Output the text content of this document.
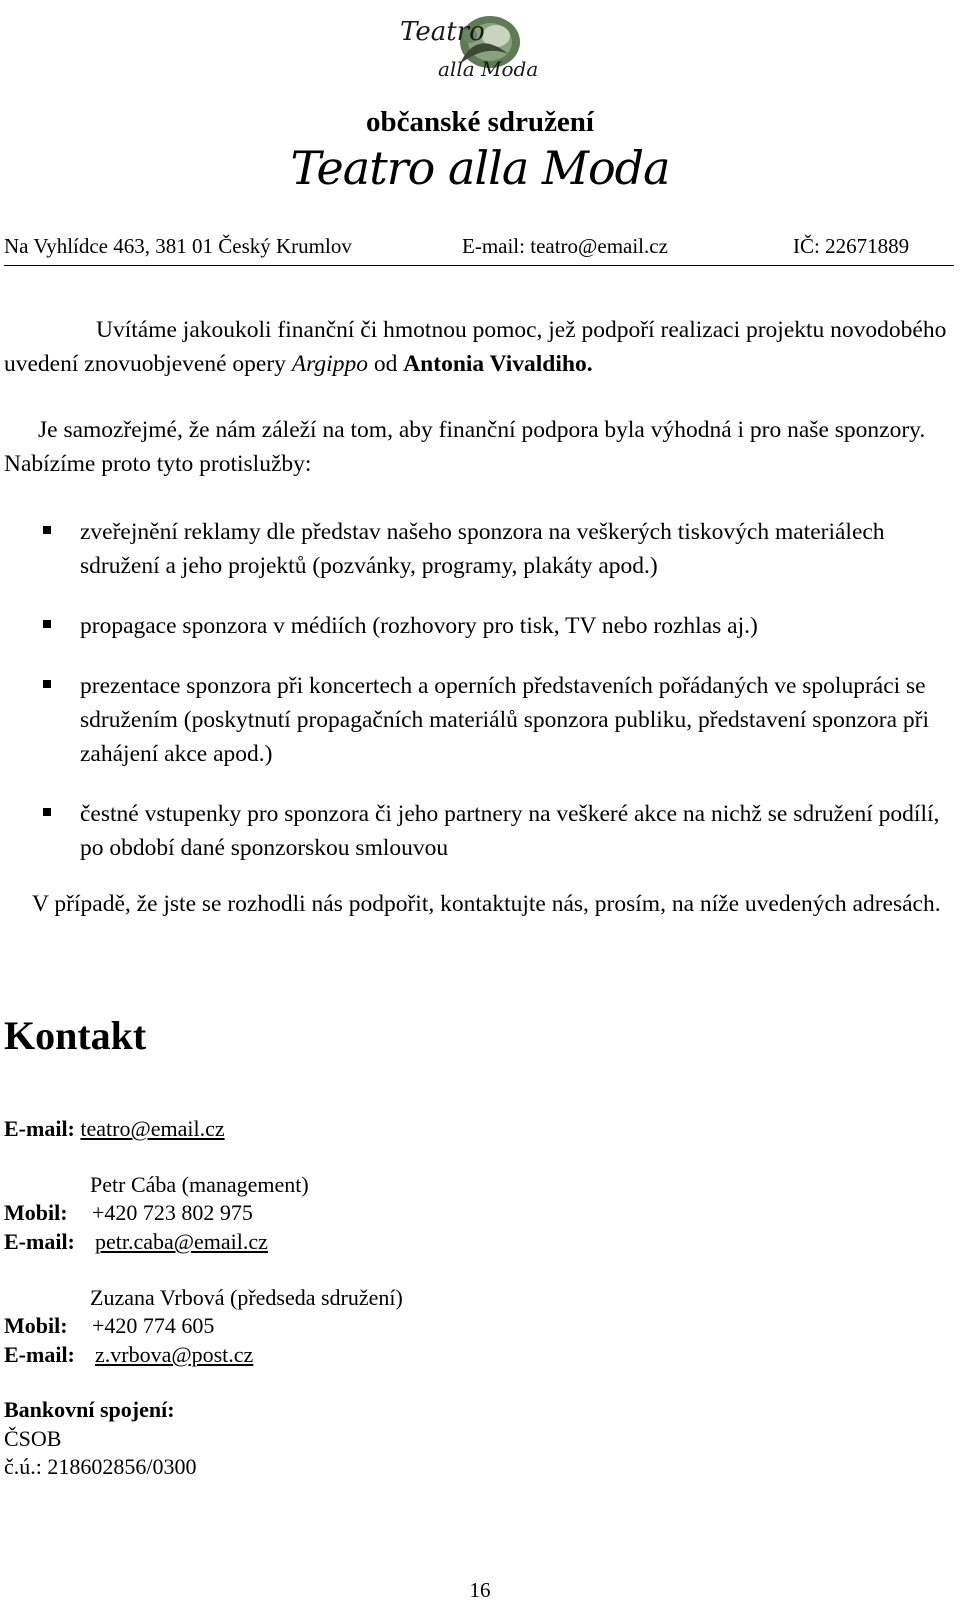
Teatro
alla Moda
občanské sdružení
Teatro alla Moda
Na Vyhlídce 463, 381 01 Český Krumlov	E-mail: teatro@email.cz	IČ: 22671889
Uvítáme jakoukoli finanční či hmotnou pomoc, jež podpoří realizaci projektu novodobého uvedení znovuobjevené opery Argippo od Antonia Vivaldiho.
Je samozřejmé, že nám záleží na tom, aby finanční podpora byla výhodná i pro naše sponzory. Nabízíme proto tyto protislužby:
zveřejnění reklamy dle představ našeho sponzora na veškerých tiskových materiálech sdružení a jeho projektů (pozvánky, programy, plakáty apod.)
propagace sponzora v médiích (rozhovory pro tisk, TV nebo rozhlas aj.)
prezentace sponzora při koncertech a operních představeních pořádaných ve spolupráci se sdružením (poskytnutí propagačních materiálů sponzora publiku, představení sponzora při zahájení akce apod.)
čestné vstupenky pro sponzora či jeho partnery na veškeré akce na nichž se sdružení podílí, po období dané sponzorskou smlouvou
V případě, že jste se rozhodli nás podpořit, kontaktujte nás, prosím, na níže uvedených adresách.
Kontakt
E-mail: teatro@email.cz
Petr Cába (management)
Mobil: +420 723 802 975
E-mail: petr.caba@email.cz
Zuzana Vrbová (předseda sdružení)
Mobil: +420 774 605
E-mail: z.vrbova@post.cz
Bankovní spojení:
ČSOB
č.ú.: 218602856/0300
16
